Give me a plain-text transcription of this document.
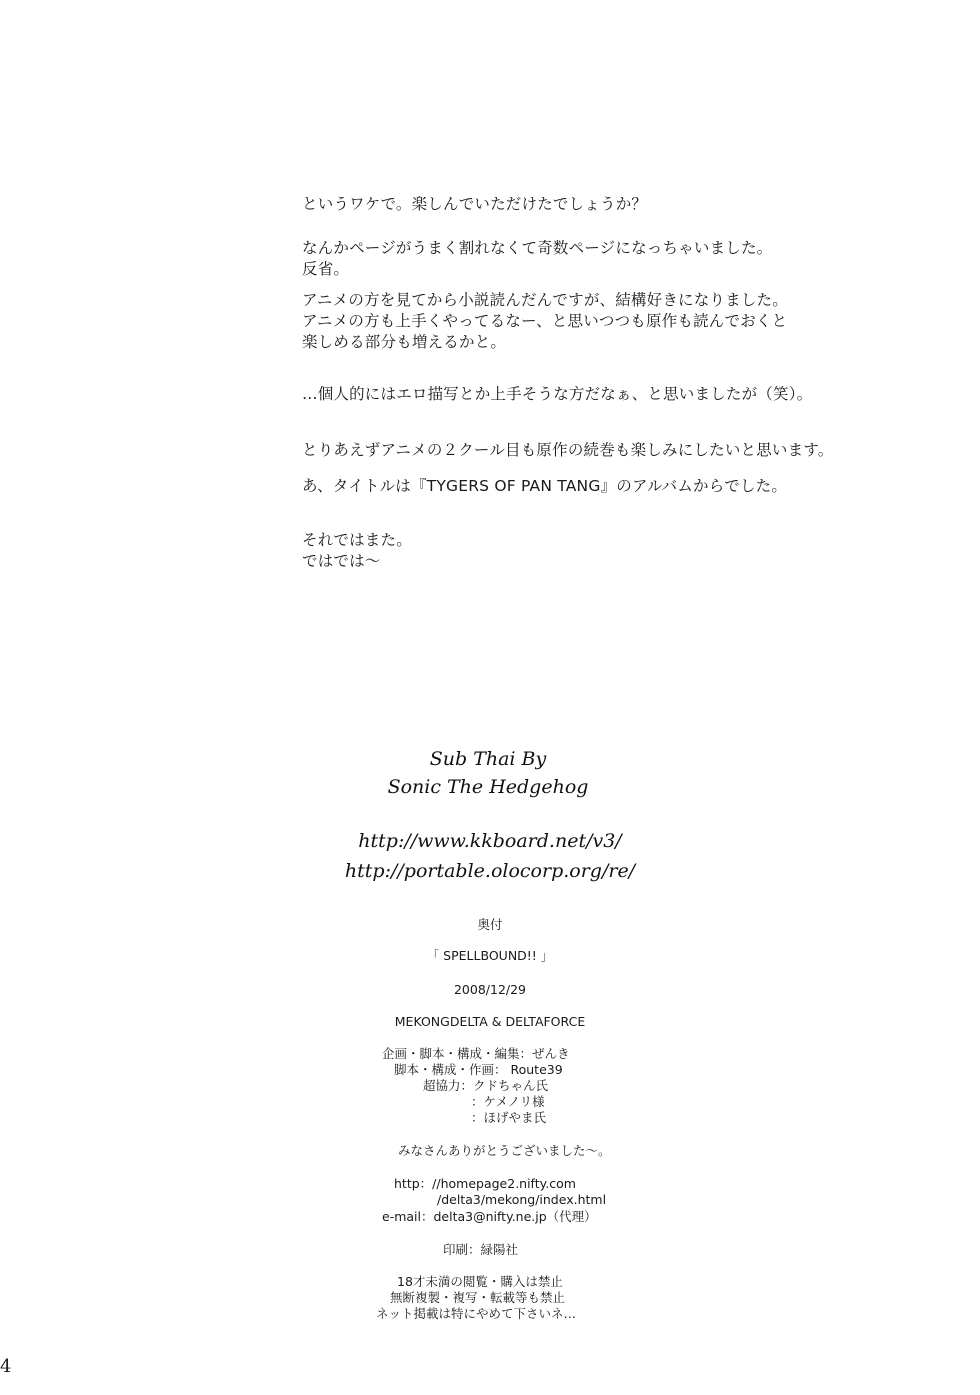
というワケで。楽しんでいただけたでしょうか？

なんかページがうまく割れなくて奇数ページになっちゃいました。

反省。

アニメの方を見てから小説読んだんですが、結構好きになりました。

アニメの方も上手くやってるなー、と思いつつも原作も読んでおくと

楽しめる部分も増えるかと。

…個人的にはエロ描写とか上手そうな方だなぁ、と思いましたが（笑）。

とりあえずアニメの２クール目も原作の続巻も楽しみにしたいと思います。

あ、タイトルは『TYGERS OF PAN TANG』のアルバムからでした。

それではまた。

ではでは～

Sub Thai By
Sonic The Hedgehog
http://www.kkboard.net/v3/
http://portable.olocorp.org/re/
奥付
「 SPELLBOUND!! 」
2008/12/29
MEKONGDELTA & DELTAFORCE
企画・脚本・構成・編集：ぜんき
脚本・構成・作画： Route39
超協力：クドちゃん氏
：ケメノリ様
：ほげやま氏
みなさんありがとうございました～。
http：//homepage2.nifty.com
/delta3/mekong/index.html
e-mail：delta3@nifty.ne.jp（代理）
印刷：緑陽社
18才未満の閲覧・購入は禁止
無断複製・複写・転載等も禁止
ネット掲載は特にやめて下さいネ…
4
